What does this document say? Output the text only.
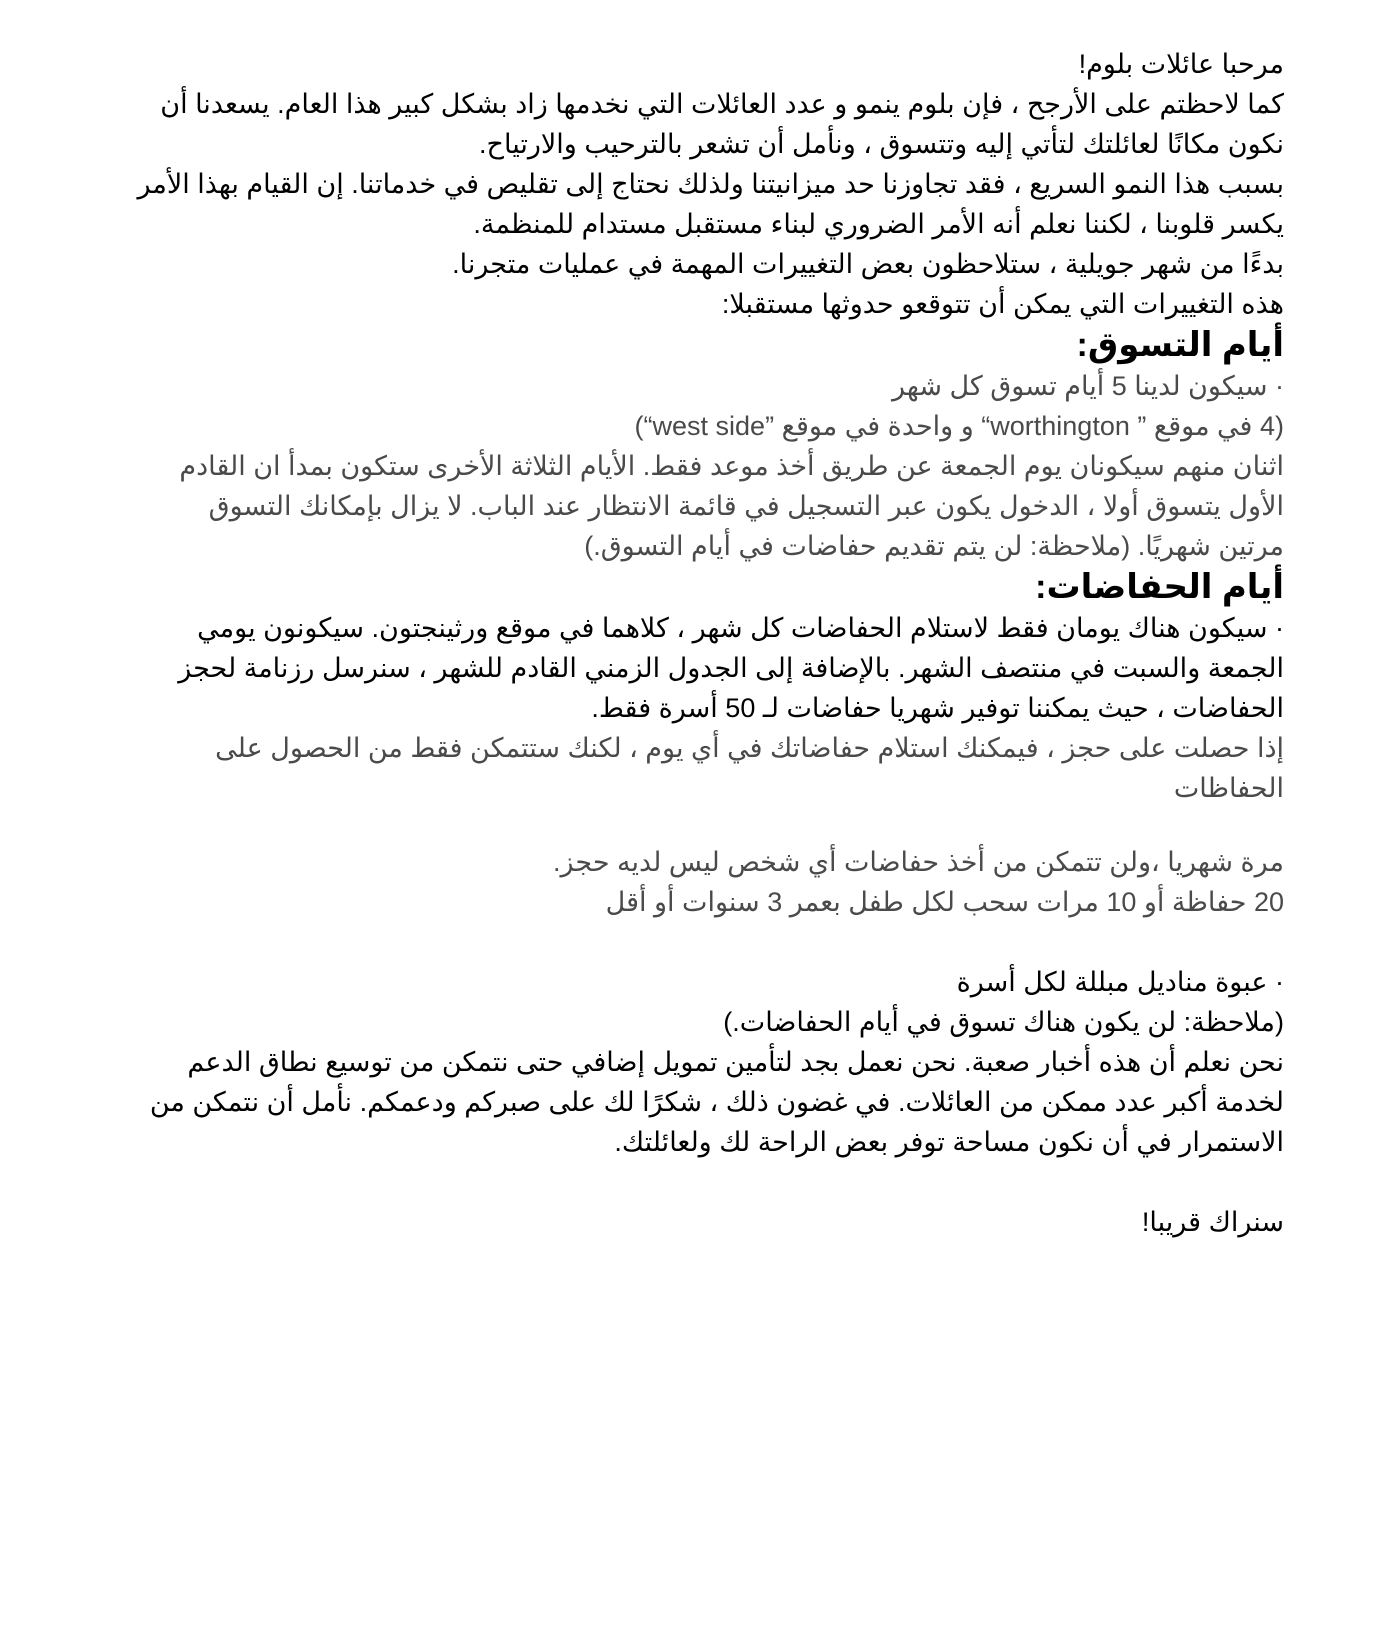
مرحبا عائلات بلوم!

كما لاحظتم على الأرجح ، فإن بلوم ينمو و عدد العائلات التي نخدمها زاد بشكل كبير هذا العام. يسعدنا أن

نكون مكانًا لعائلتك لتأتي إليه وتتسوق ، ونأمل أن تشعر بالترحيب والارتياح.

بسبب هذا النمو السريع ، فقد تجاوزنا حد ميزانيتنا ولذلك نحتاج إلى تقليص في خدماتنا. إن القيام بهذا الأمر

يكسر قلوبنا ، لكننا نعلم أنه الأمر الضروري لبناء مستقبل مستدام للمنظمة.

بدءًا من شهر جويلية ، ستلاحظون بعض التغييرات المهمة في عمليات متجرنا.

هذه التغييرات التي يمكن أن تتوقعو حدوثها مستقبلا:

أيام التسوق:

· سيكون لدينا 5 أيام تسوق كل شهر

(4 في موقع ” worthington“ و واحدة في موقع ”west side“)

اثنان منهم سيكونان يوم الجمعة عن طريق أخذ موعد فقط. الأيام الثلاثة الأخرى ستكون بمدأ ان القادم

الأول يتسوق أولا ، الدخول يكون عبر التسجيل في قائمة الانتظار عند الباب. لا يزال بإمكانك التسوق

مرتين شهريًا. (ملاحظة: لن يتم تقديم حفاضات في أيام التسوق.)

أيام الحفاضات:

· سيكون هناك يومان فقط لاستلام الحفاضات كل شهر ، كلاهما في موقع ورثينجتون. سيكونون يومي

الجمعة والسبت في منتصف الشهر. بالإضافة إلى الجدول الزمني القادم للشهر ، سنرسل رزنامة لحجز

الحفاضات ، حيث يمكننا توفير شهريا حفاضات لـ 50 أسرة فقط.

إذا حصلت على حجز ، فيمكنك استلام حفاضاتك في أي يوم ، لكنك ستتمكن فقط من الحصول على

الحفاظات

مرة شهريا ،ولن تتمكن من أخذ حفاضات أي شخص ليس لديه حجز.

20 حفاظة أو 10 مرات سحب لكل طفل بعمر 3 سنوات أو أقل

· عبوة مناديل مبللة لكل أسرة

(ملاحظة: لن يكون هناك تسوق في أيام الحفاضات.)

نحن نعلم أن هذه أخبار صعبة. نحن نعمل بجد لتأمين تمويل إضافي حتى نتمكن من توسيع نطاق الدعم

لخدمة أكبر عدد ممكن من العائلات. في غضون ذلك ، شكرًا لك على صبركم ودعمكم. نأمل أن نتمكن من

الاستمرار في أن نكون مساحة توفر بعض الراحة لك ولعائلتك.

سنراك قريبا!
